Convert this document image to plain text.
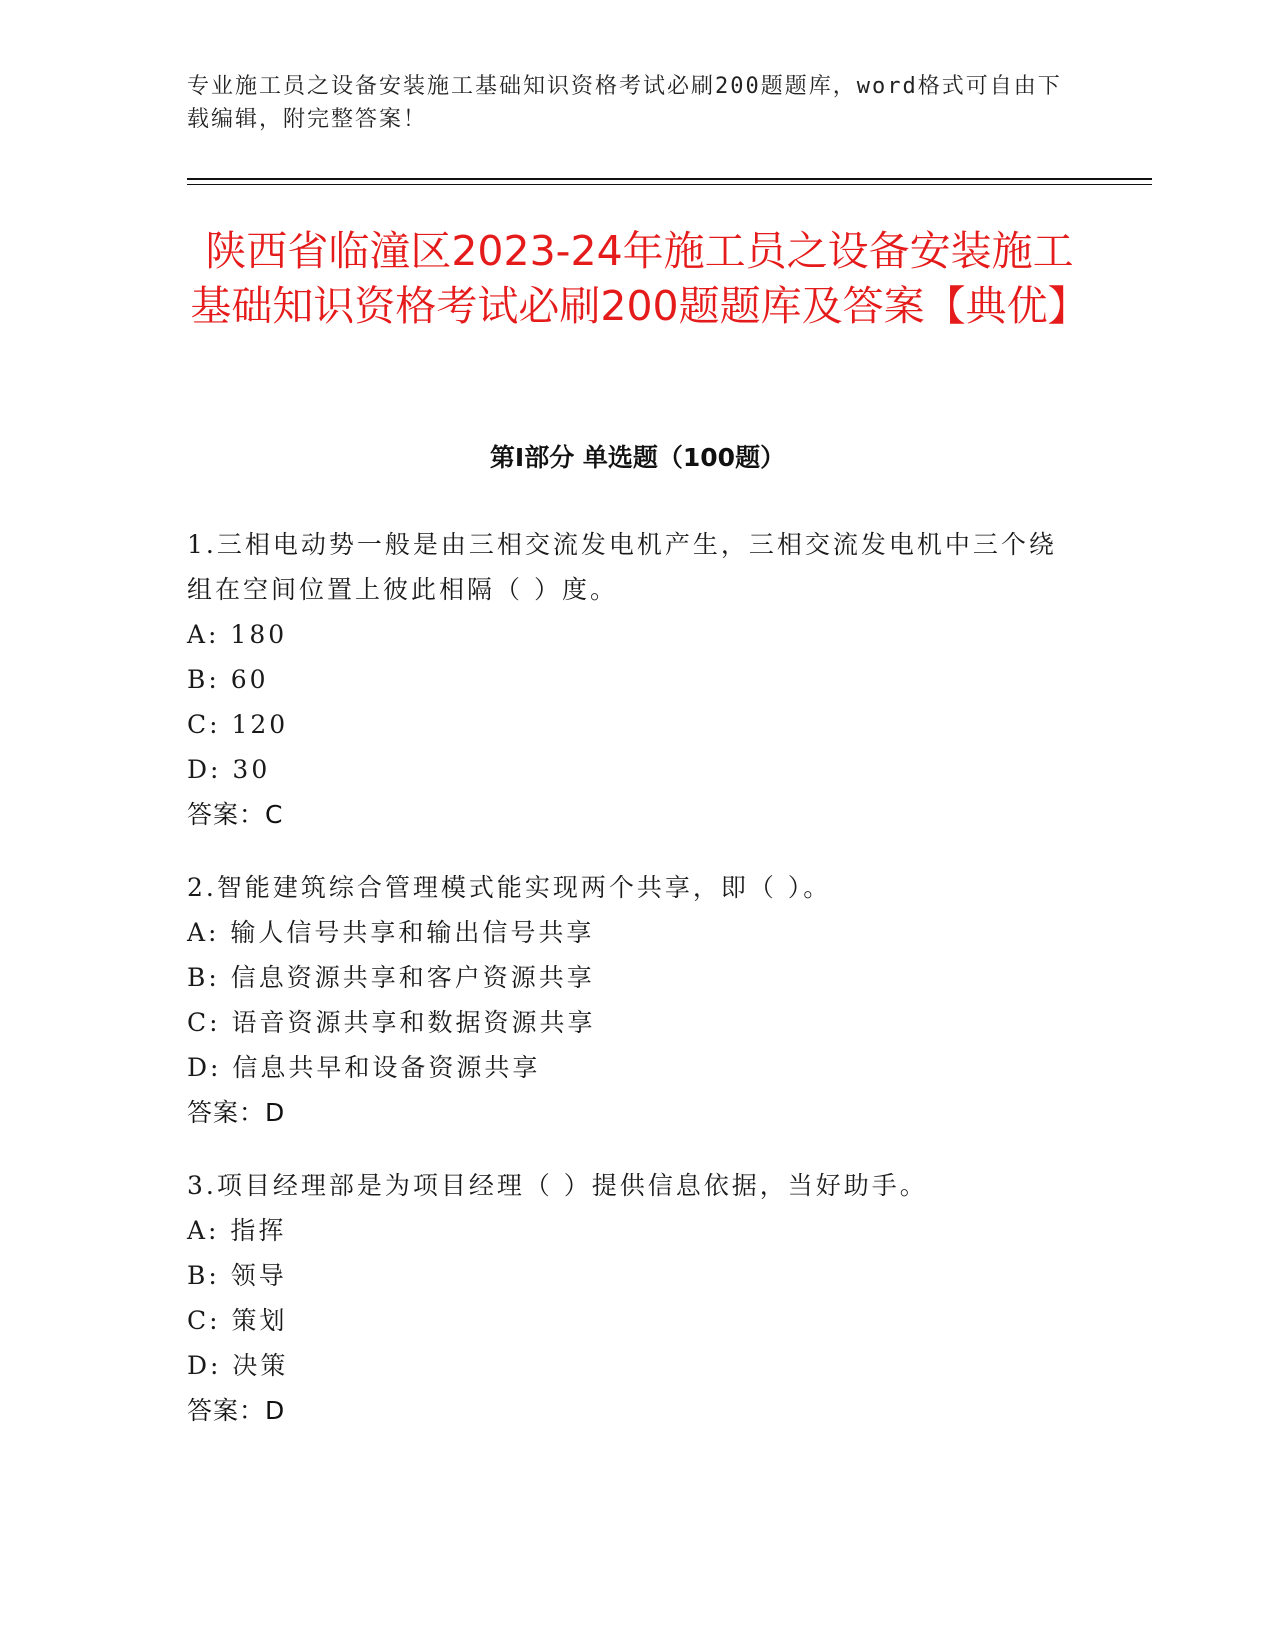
专业施工员之设备安装施工基础知识资格考试必刷200题题库，word格式可自由下载编辑，附完整答案！
陕西省临潼区2023-24年施工员之设备安装施工基础知识资格考试必刷200题题库及答案【典优】
第Ⅰ部分 单选题（100题）
1.三相电动势一般是由三相交流发电机产生，三相交流发电机中三个绕组在空间位置上彼此相隔（ ）度。
A: 180
B: 60
C: 120
D: 30
答案：C
2.智能建筑综合管理模式能实现两个共享，即（ ）。
A: 输人信号共享和输出信号共享
B: 信息资源共享和客户资源共享
C: 语音资源共享和数据资源共享
D: 信息共早和设备资源共享
答案：D
3.项目经理部是为项目经理（ ）提供信息依据，当好助手。
A: 指挥
B: 领导
C: 策划
D: 决策
答案：D
